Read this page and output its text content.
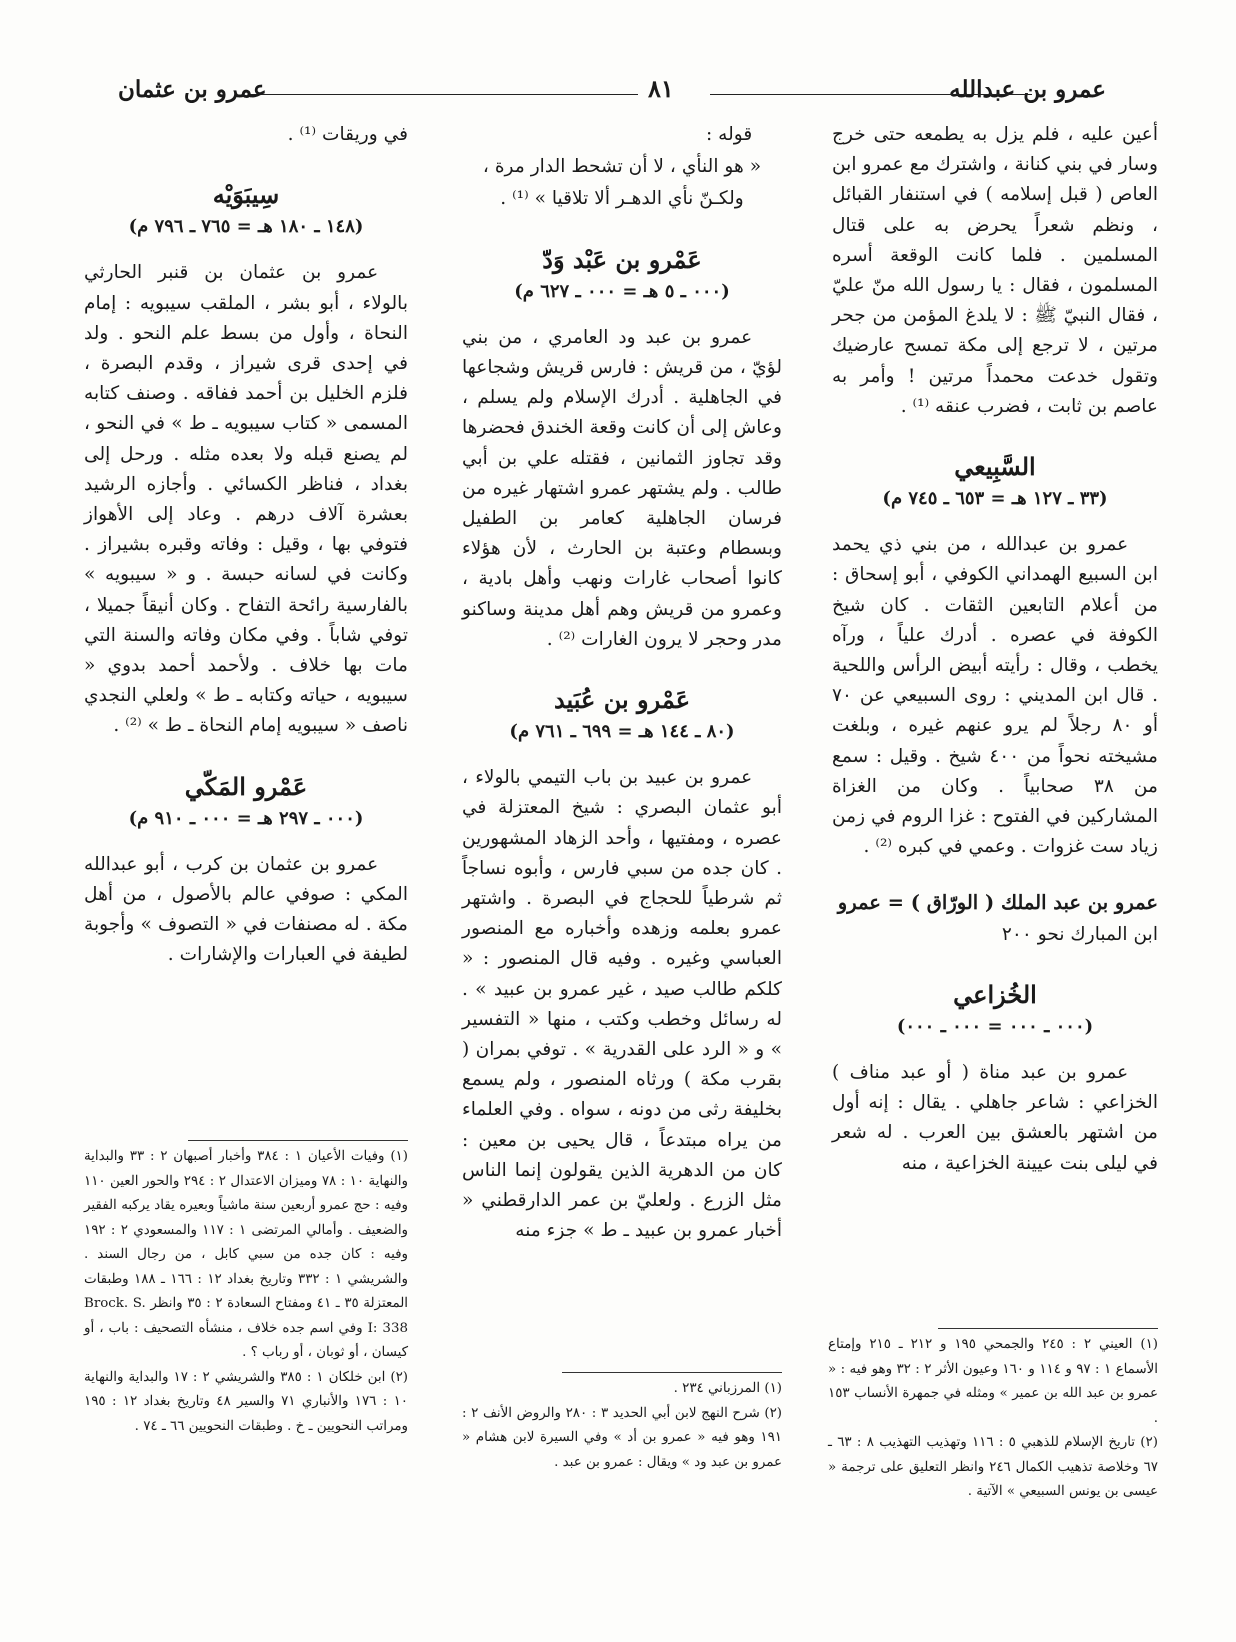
عمرو بن عبدالله
٨١
عمرو بن عثمان

أعين عليه ، فلم يزل به يطمعه حتى خرج وسار في بني كنانة ، واشترك مع عمرو ابن العاص ( قبل إسلامه ) في استنفار القبائل ، ونظم شعراً يحرض به على قتال المسلمين . فلما كانت الوقعة أسره المسلمون ، فقال : يا رسول الله منّ عليّ ، فقال النبيّ ﷺ : لا يلدغ المؤمن من جحر مرتين ، لا ترجع إلى مكة تمسح عارضيك وتقول خدعت محمداً مرتين ! وأمر به عاصم بن ثابت ، فضرب عنقه ⁽¹⁾ .

السَّبِيعي

(٣٣ ـ ١٢٧ هـ = ٦٥٣ ـ ٧٤٥ م)

عمرو بن عبدالله ، من بني ذي يحمد ابن السبيع الهمداني الكوفي ، أبو إسحاق : من أعلام التابعين الثقات . كان شيخ الكوفة في عصره . أدرك علياً ، ورآه يخطب ، وقال : رأيته أبيض الرأس واللحية . قال ابن المديني : روى السبيعي عن ٧٠ أو ٨٠ رجلاً لم يرو عنهم غيره ، وبلغت مشيخته نحواً من ٤٠٠ شيخ . وقيل : سمع من ٣٨ صحابياً . وكان من الغزاة المشاركين في الفتوح : غزا الروم في زمن زياد ست غزوات . وعمي في كبره ⁽²⁾ .

عمرو بن عبد الملك ( الورّاق ) = عمرو
ابن المبارك نحو ٢٠٠

الخُزاعي

(٠٠٠ ـ ٠٠٠ = ٠٠٠ ـ ٠٠٠)

عمرو بن عبد مناة ( أو عبد مناف ) الخزاعي : شاعر جاهلي . يقال : إنه أول من اشتهر بالعشق بين العرب . له شعر في ليلى بنت عيينة الخزاعية ، منه

قوله :

« هو النأي ، لا أن تشحط الدار مرة ،

ولكـنّ نأي الدهـر ألا تلاقيا » ⁽¹⁾ .

عَمْرو بن عَبْد وَدّ

(٠٠٠ ـ ٥ هـ = ٠٠٠ ـ ٦٢٧ م)

عمرو بن عبد ود العامري ، من بني لؤيّ ، من قريش : فارس قريش وشجاعها في الجاهلية . أدرك الإسلام ولم يسلم ، وعاش إلى أن كانت وقعة الخندق فحضرها وقد تجاوز الثمانين ، فقتله علي بن أبي طالب . ولم يشتهر عمرو اشتهار غيره من فرسان الجاهلية كعامر بن الطفيل وبسطام وعتبة بن الحارث ، لأن هؤلاء كانوا أصحاب غارات ونهب وأهل بادية ، وعمرو من قريش وهم أهل مدينة وساكنو مدر وحجر لا يرون الغارات ⁽²⁾ .

عَمْرو بن عُبَيد

(٨٠ ـ ١٤٤ هـ = ٦٩٩ ـ ٧٦١ م)

عمرو بن عبيد بن باب التيمي بالولاء ، أبو عثمان البصري : شيخ المعتزلة في عصره ، ومفتيها ، وأحد الزهاد المشهورين . كان جده من سبي فارس ، وأبوه نساجاً ثم شرطياً للحجاج في البصرة . واشتهر عمرو بعلمه وزهده وأخباره مع المنصور العباسي وغيره . وفيه قال المنصور : « كلكم طالب صيد ، غير عمرو بن عبيد » . له رسائل وخطب وكتب ، منها « التفسير » و « الرد على القدرية » . توفي بمران ( بقرب مكة ) ورثاه المنصور ، ولم يسمع بخليفة رثى من دونه ، سواه . وفي العلماء من يراه مبتدعاً ، قال يحيى بن معين : كان من الدهرية الذين يقولون إنما الناس مثل الزرع . ولعليّ بن عمر الدارقطني « أخبار عمرو بن عبيد ـ ط » جزء منه

في وريقات ⁽¹⁾ .

سِيبَوَيْه

(١٤٨ ـ ١٨٠ هـ = ٧٦٥ ـ ٧٩٦ م)

عمرو بن عثمان بن قنبر الحارثي بالولاء ، أبو بشر ، الملقب سيبويه : إمام النحاة ، وأول من بسط علم النحو . ولد في إحدى قرى شيراز ، وقدم البصرة ، فلزم الخليل بن أحمد ففاقه . وصنف كتابه المسمى « كتاب سيبويه ـ ط » في النحو ، لم يصنع قبله ولا بعده مثله . ورحل إلى بغداد ، فناظر الكسائي . وأجازه الرشيد بعشرة آلاف درهم . وعاد إلى الأهواز فتوفي بها ، وقيل : وفاته وقبره بشيراز . وكانت في لسانه حبسة . و « سيبويه » بالفارسية رائحة التفاح . وكان أنيقاً جميلا ، توفي شاباً . وفي مكان وفاته والسنة التي مات بها خلاف . ولأحمد أحمد بدوي « سيبويه ، حياته وكتابه ـ ط » ولعلي النجدي ناصف « سيبويه إمام النحاة ـ ط » ⁽²⁾ .

عَمْرو المَكّي

(٠٠٠ ـ ٢٩٧ هـ = ٠٠٠ ـ ٩١٠ م)

عمرو بن عثمان بن كرب ، أبو عبدالله المكي : صوفي عالم بالأصول ، من أهل مكة . له مصنفات في « التصوف » وأجوبة لطيفة في العبارات والإشارات .

(١) العيني ٢ : ٢٤٥ والجمحي ١٩٥ و ٢١٢ ـ ٢١٥ وإمتاع الأسماع ١ : ٩٧ و ١١٤ و ١٦٠ وعيون الأثر ٢ : ٣٢ وهو فيه : « عمرو بن عبد الله بن عمير » ومثله في جمهرة الأنساب ١٥٣ .

(٢) تاريخ الإسلام للذهبي ٥ : ١١٦ وتهذيب التهذيب ٨ : ٦٣ ـ ٦٧ وخلاصة تذهيب الكمال ٢٤٦ وانظر التعليق على ترجمة « عيسى بن يونس السبيعي » الآتية .

(١) المرزباني ٢٣٤ .

(٢) شرح النهج لابن أبي الحديد ٣ : ٢٨٠ والروض الأنف ٢ : ١٩١ وهو فيه « عمرو بن أد » وفي السيرة لابن هشام « عمرو بن عبد ود » ويقال : عمرو بن عبد .

(١) وفيات الأعيان ١ : ٣٨٤ وأخبار أصبهان ٢ : ٣٣ والبداية والنهاية ١٠ : ٧٨ وميزان الاعتدال ٢ : ٢٩٤ والحور العين ١١٠ وفيه : حج عمرو أربعين سنة ماشياً وبعيره يقاد يركبه الفقير والضعيف . وأمالي المرتضى ١ : ١١٧ والمسعودي ٢ : ١٩٢ وفيه : كان جده من سبي كابل ، من رجال السند . والشريشي ١ : ٣٣٢ وتاريخ بغداد ١٢ : ١٦٦ ـ ١٨٨ وطبقات المعتزلة ٣٥ ـ ٤١ ومفتاح السعادة ٢ : ٣٥ وانظر Brock. S. I: 338 وفي اسم جده خلاف ، منشأه التصحيف : باب ، أو كيسان ، أو ثوبان ، أو رباب ؟ .

(٢) ابن خلكان ١ : ٣٨٥ والشريشي ٢ : ١٧ والبداية والنهاية ١٠ : ١٧٦ والأنباري ٧١ والسير ٤٨ وتاريخ بغداد ١٢ : ١٩٥ ومراتب النحويين ـ خ . وطبقات النحويين ٦٦ ـ ٧٤ .
